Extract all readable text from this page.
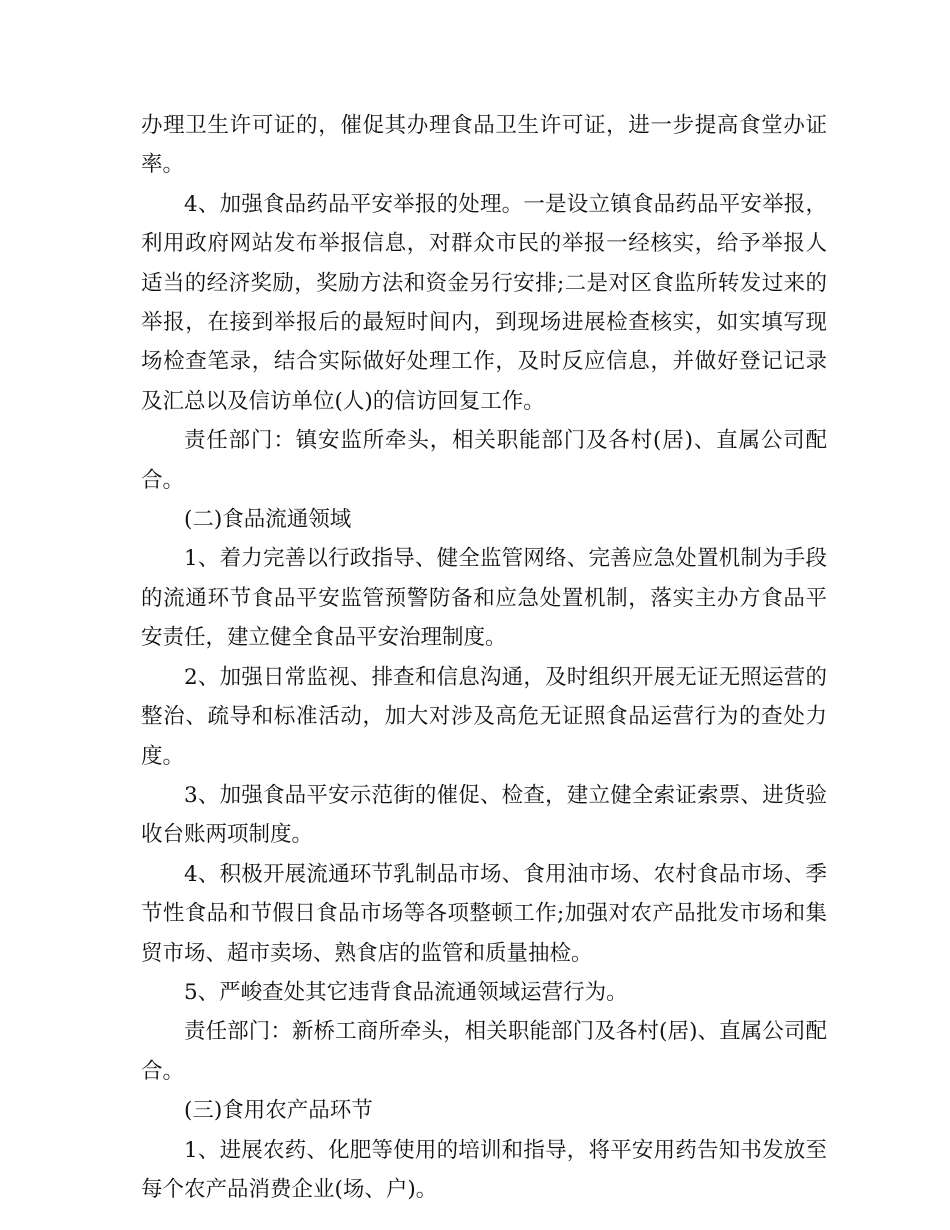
办理卫生许可证的，催促其办理食品卫生许可证，进一步提高食堂办证率。

4、加强食品药品平安举报的处理。一是设立镇食品药品平安举报，利用政府网站发布举报信息，对群众市民的举报一经核实，给予举报人适当的经济奖励，奖励方法和资金另行安排;二是对区食监所转发过来的举报，在接到举报后的最短时间内，到现场进展检查核实，如实填写现场检查笔录，结合实际做好处理工作，及时反应信息，并做好登记记录及汇总以及信访单位(人)的信访回复工作。

责任部门：镇安监所牵头，相关职能部门及各村(居)、直属公司配合。

(二)食品流通领域

1、着力完善以行政指导、健全监管网络、完善应急处置机制为手段的流通环节食品平安监管预警防备和应急处置机制，落实主办方食品平安责任，建立健全食品平安治理制度。

2、加强日常监视、排查和信息沟通，及时组织开展无证无照运营的整治、疏导和标准活动，加大对涉及高危无证照食品运营行为的查处力度。

3、加强食品平安示范街的催促、检查，建立健全索证索票、进货验收台账两项制度。

4、积极开展流通环节乳制品市场、食用油市场、农村食品市场、季节性食品和节假日食品市场等各项整顿工作;加强对农产品批发市场和集贸市场、超市卖场、熟食店的监管和质量抽检。

5、严峻查处其它违背食品流通领域运营行为。

责任部门：新桥工商所牵头，相关职能部门及各村(居)、直属公司配合。

(三)食用农产品环节

1、进展农药、化肥等使用的培训和指导，将平安用药告知书发放至每个农产品消费企业(场、户)。
